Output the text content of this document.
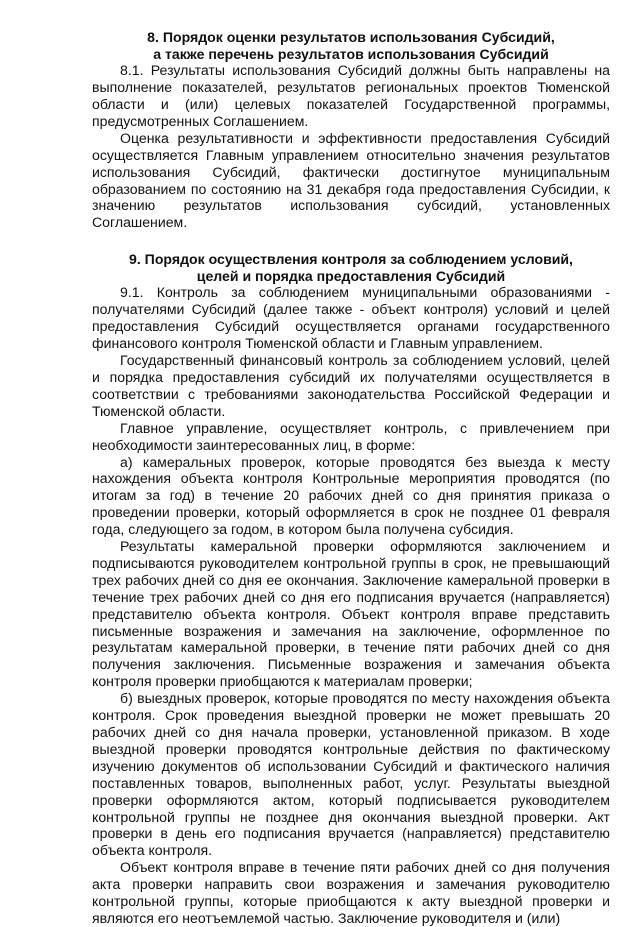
8. Порядок оценки результатов использования Субсидий,
а также перечень результатов использования Субсидий

8.1. Результаты использования Субсидий должны быть направлены на выполнение показателей, результатов региональных проектов Тюменской области и (или) целевых показателей Государственной программы, предусмотренных Соглашением.

Оценка результативности и эффективности предоставления Субсидий осуществляется Главным управлением относительно значения результатов использования Субсидий, фактически достигнутое муниципальным образованием по состоянию на 31 декабря года предоставления Субсидии, к значению результатов использования субсидий, установленных Соглашением.

9. Порядок осуществления контроля за соблюдением условий,
целей и порядка предоставления Субсидий

9.1. Контроль за соблюдением муниципальными образованиями - получателями Субсидий (далее также - объект контроля) условий и целей предоставления Субсидий осуществляется органами государственного финансового контроля Тюменской области и Главным управлением.

Государственный финансовый контроль за соблюдением условий, целей и порядка предоставления субсидий их получателями осуществляется в соответствии с требованиями законодательства Российской Федерации и Тюменской области.

Главное управление, осуществляет контроль, с привлечением при необходимости заинтересованных лиц, в форме:

а) камеральных проверок, которые проводятся без выезда к месту нахождения объекта контроля Контрольные мероприятия проводятся (по итогам за год) в течение 20 рабочих дней со дня принятия приказа о проведении проверки, который оформляется в срок не позднее 01 февраля года, следующего за годом, в котором была получена субсидия.

Результаты камеральной проверки оформляются заключением и подписываются руководителем контрольной группы в срок, не превышающий трех рабочих дней со дня ее окончания. Заключение камеральной проверки в течение трех рабочих дней со дня его подписания вручается (направляется) представителю объекта контроля. Объект контроля вправе представить письменные возражения и замечания на заключение, оформленное по результатам камеральной проверки, в течение пяти рабочих дней со дня получения заключения. Письменные возражения и замечания объекта контроля проверки приобщаются к материалам проверки;

б) выездных проверок, которые проводятся по месту нахождения объекта контроля. Срок проведения выездной проверки не может превышать 20 рабочих дней со дня начала проверки, установленной приказом. В ходе выездной проверки проводятся контрольные действия по фактическому изучению документов об использовании Субсидий и фактического наличия поставленных товаров, выполненных работ, услуг. Результаты выездной проверки оформляются актом, который подписывается руководителем контрольной группы не позднее дня окончания выездной проверки. Акт проверки в день его подписания вручается (направляется) представителю объекта контроля.

Объект контроля вправе в течение пяти рабочих дней со дня получения акта проверки направить свои возражения и замечания руководителю контрольной группы, которые приобщаются к акту выездной проверки и являются его неотъемлемой частью. Заключение руководителя и (или)
